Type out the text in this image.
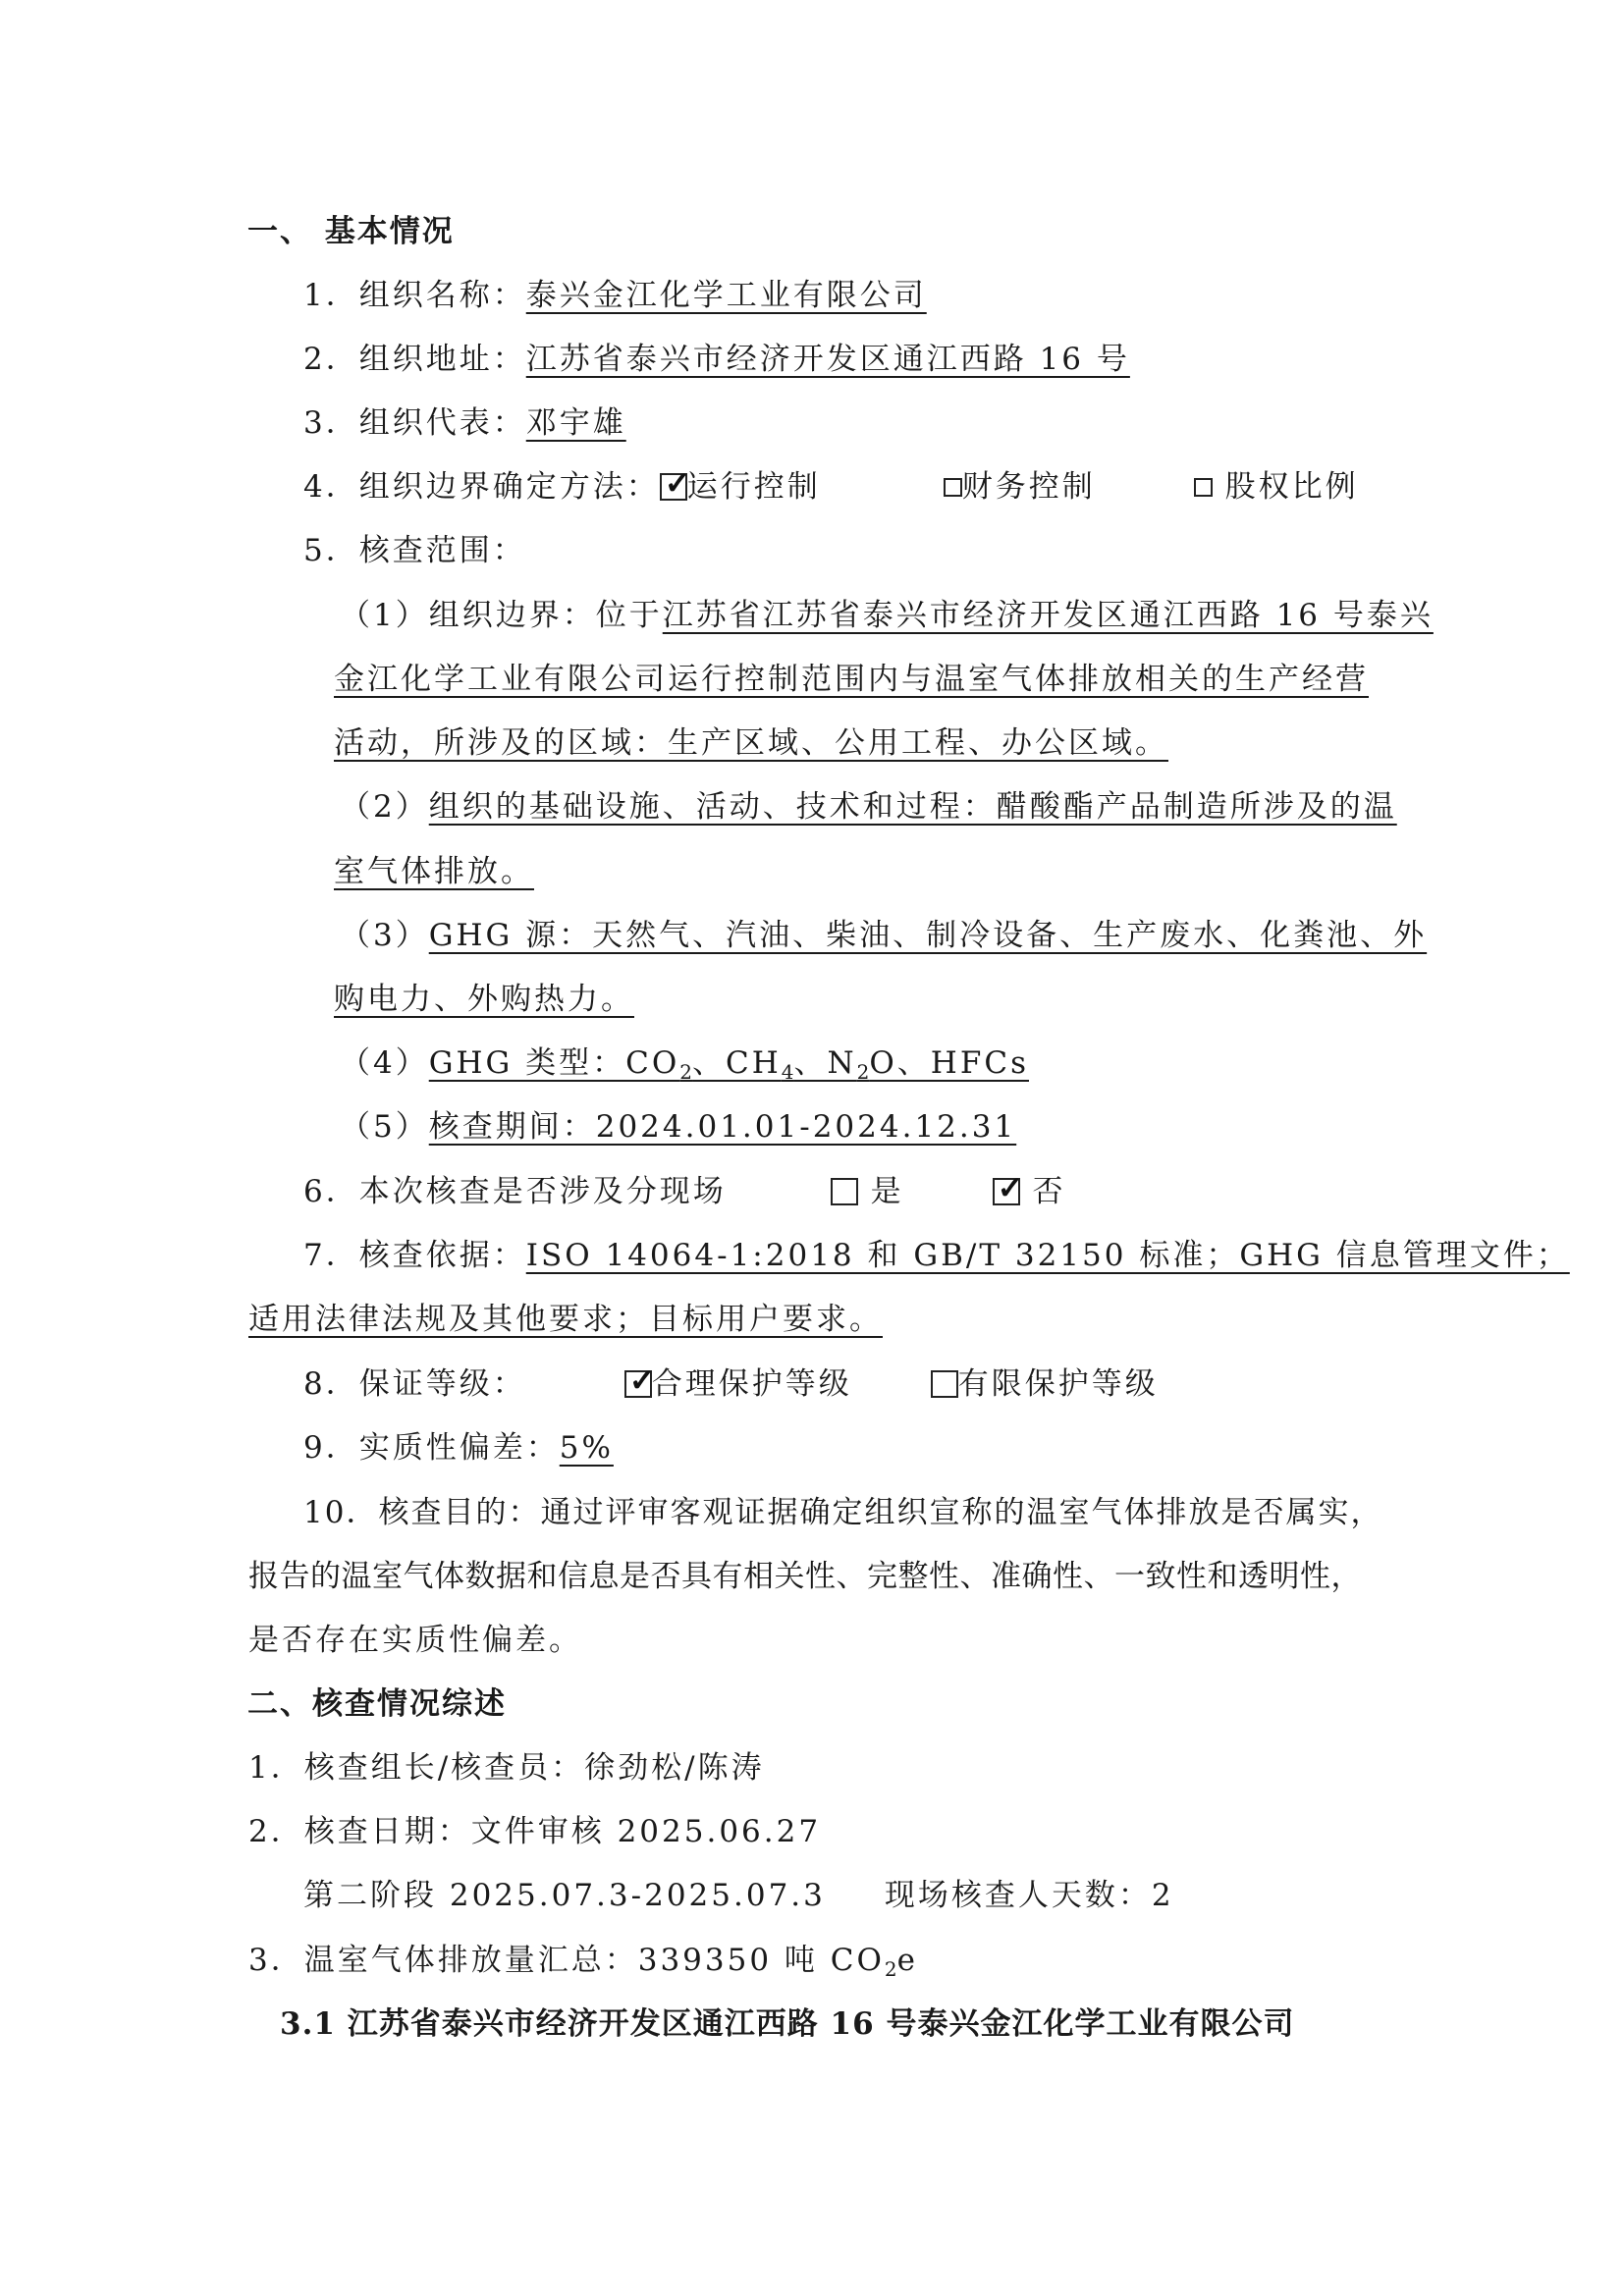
一、 基本情况
1．组织名称：泰兴金江化学工业有限公司
2．组织地址：江苏省泰兴市经济开发区通江西路 16 号
3．组织代表：邓宇雄
4．组织边界确定方法： ✓
运行控制	财务控制	股权比例
5．核查范围：
（1）组织边界：位于江苏省江苏省泰兴市经济开发区通江西路 16 号泰兴
金江化学工业有限公司运行控制范围内与温室气体排放相关的生产经营
活动，所涉及的区域：生产区域、公用工程、办公区域。
（2）组织的基础设施、活动、技术和过程：醋酸酯产品制造所涉及的温
室气体排放。
（3）GHG 源：天然气、汽油、柴油、制冷设备、生产废水、化粪池、外
购电力、外购热力。
（4）GHG 类型：$CO_2$、$CH_4$、$N_2O$、HFCs
（5）核查期间：2024.01.01-2024.12.31
6．本次核查是否涉及分现场	是	✓
否
7．核查依据：ISO 14064-1:2018 和 GB/T 32150 标准；GHG 信息管理文件；
适用法律法规及其他要求；目标用户要求。
8．保证等级：	✓
合理保护等级	有限保护等级
9．实质性偏差：5%
10．核查目的：通过评审客观证据确定组织宣称的温室气体排放是否属实，
报告的温室气体数据和信息是否具有相关性、完整性、准确性、一致性和透明性，
是否存在实质性偏差。
二、核查情况综述
1．核查组长/核查员：徐劲松/陈涛
2．核查日期：文件审核 2025.06.27
第二阶段 2025.07.3-2025.07.3 现场核查人天数：2
3．温室气体排放量汇总：339350 吨 $CO_2e$
3.1 江苏省泰兴市经济开发区通江西路 16 号泰兴金江化学工业有限公司
